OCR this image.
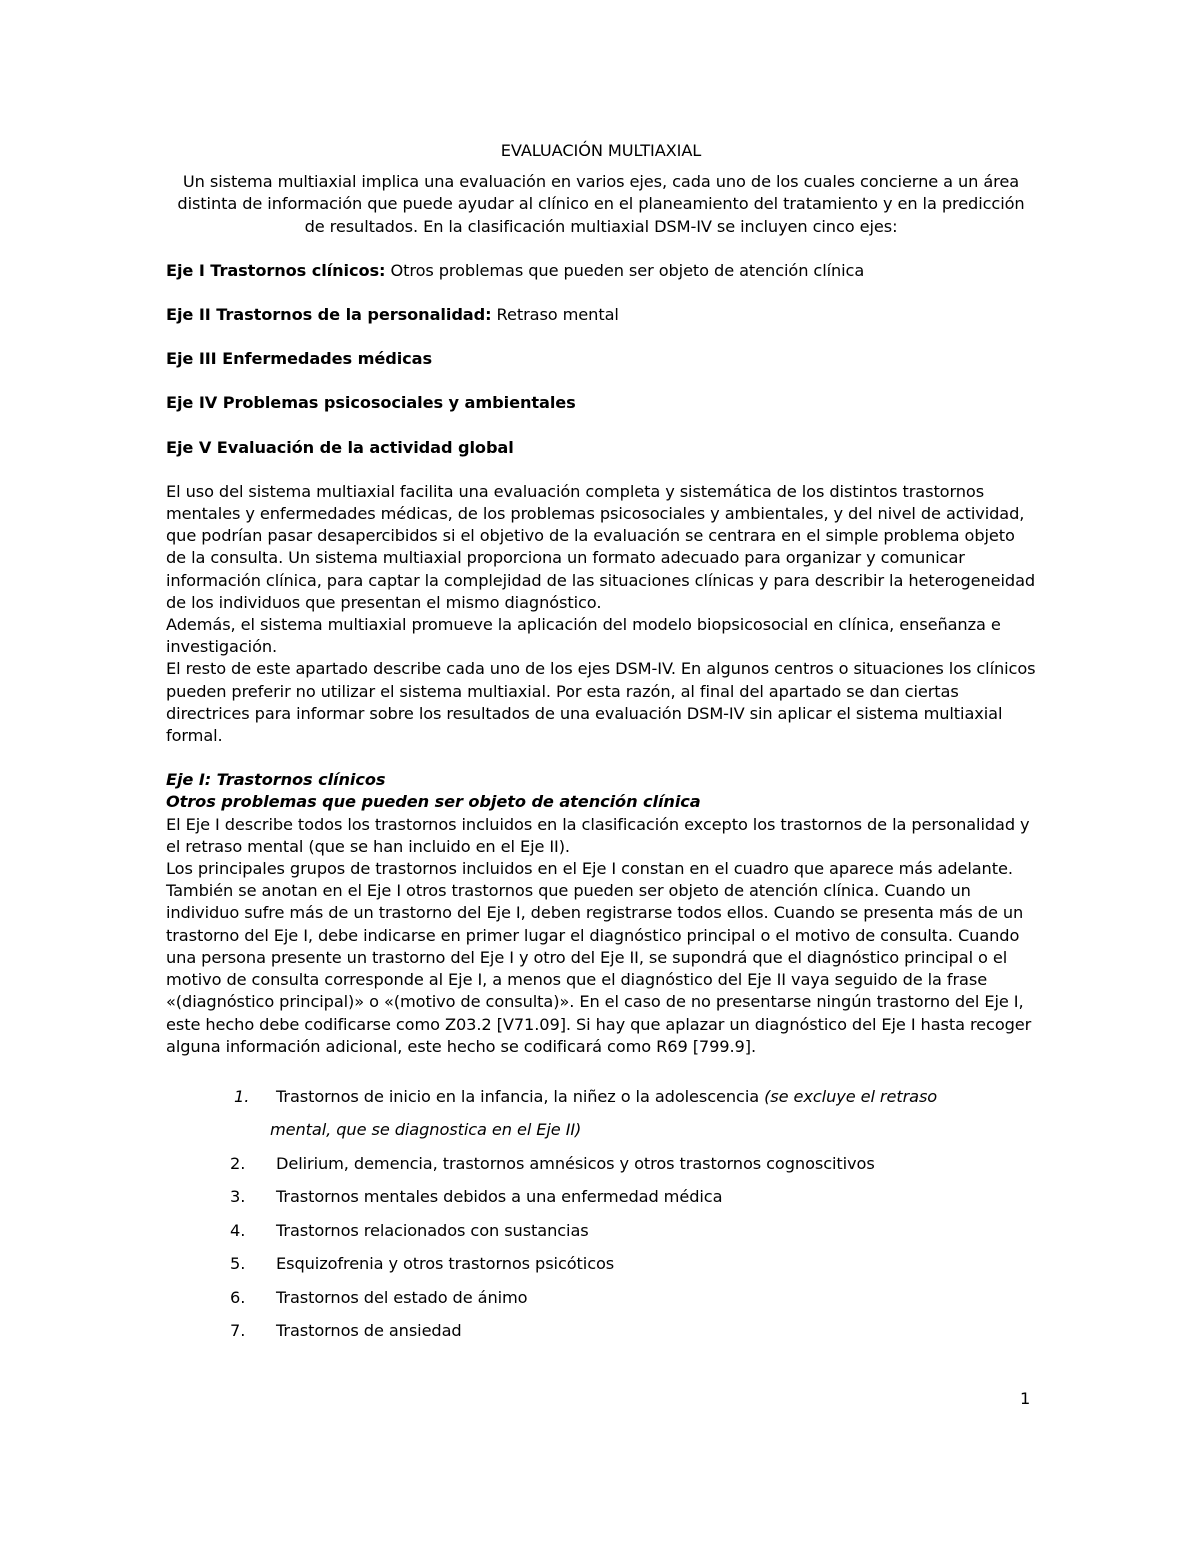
EVALUACIÓN MULTIAXIAL
Un sistema multiaxial implica una evaluación en varios ejes, cada uno de los cuales concierne a un área distinta de información que puede ayudar al clínico en el planeamiento del tratamiento y en la predicción de resultados. En la clasificación multiaxial DSM-IV se incluyen cinco ejes:
Eje I Trastornos clínicos: Otros problemas que pueden ser objeto de atención clínica
Eje II Trastornos de la personalidad: Retraso mental
Eje III Enfermedades médicas
Eje IV Problemas psicosociales y ambientales
Eje V Evaluación de la actividad global

El uso del sistema multiaxial facilita una evaluación completa y sistemática de los distintos trastornos mentales y enfermedades médicas, de los problemas psicosociales y ambientales, y del nivel de actividad, que podrían pasar desapercibidos si el objetivo de la evaluación se centrara en el simple problema objeto de la consulta. Un sistema multiaxial proporciona un formato adecuado para organizar y comunicar información clínica, para captar la complejidad de las situaciones clínicas y para describir la heterogeneidad de los individuos que presentan el mismo diagnóstico.

Además, el sistema multiaxial promueve la aplicación del modelo biopsicosocial en clínica, enseñanza e investigación.

El resto de este apartado describe cada uno de los ejes DSM-IV. En algunos centros o situaciones los clínicos pueden preferir no utilizar el sistema multiaxial. Por esta razón, al final del apartado se dan ciertas directrices para informar sobre los resultados de una evaluación DSM-IV sin aplicar el sistema multiaxial formal.

Eje I: Trastornos clínicos
Otros problemas que pueden ser objeto de atención clínica

El Eje I describe todos los trastornos incluidos en la clasificación excepto los trastornos de la personalidad y el retraso mental (que se han incluido en el Eje II).

Los principales grupos de trastornos incluidos en el Eje I constan en el cuadro que aparece más adelante. También se anotan en el Eje I otros trastornos que pueden ser objeto de atención clínica. Cuando un individuo sufre más de un trastorno del Eje I, deben registrarse todos ellos. Cuando se presenta más de un trastorno del Eje I, debe indicarse en primer lugar el diagnóstico principal o el motivo de consulta. Cuando una persona presente un trastorno del Eje I y otro del Eje II, se supondrá que el diagnóstico principal o el motivo de consulta corresponde al Eje I, a menos que el diagnóstico del Eje II vaya seguido de la frase «(diagnóstico principal)» o «(motivo de consulta)». En el caso de no presentarse ningún trastorno del Eje I, este hecho debe codificarse como Z03.2 [V71.09]. Si hay que aplazar un diagnóstico del Eje I hasta recoger alguna información adicional, este hecho se codificará como R69 [799.9].

1. Trastornos de inicio en la infancia, la niñez o la adolescencia (se excluye el retraso
mental, que se diagnostica en el Eje II)
2. Delirium, demencia, trastornos amnésicos y otros trastornos cognoscitivos
3. Trastornos mentales debidos a una enfermedad médica
4. Trastornos relacionados con sustancias
5. Esquizofrenia y otros trastornos psicóticos
6. Trastornos del estado de ánimo
7. Trastornos de ansiedad
1
